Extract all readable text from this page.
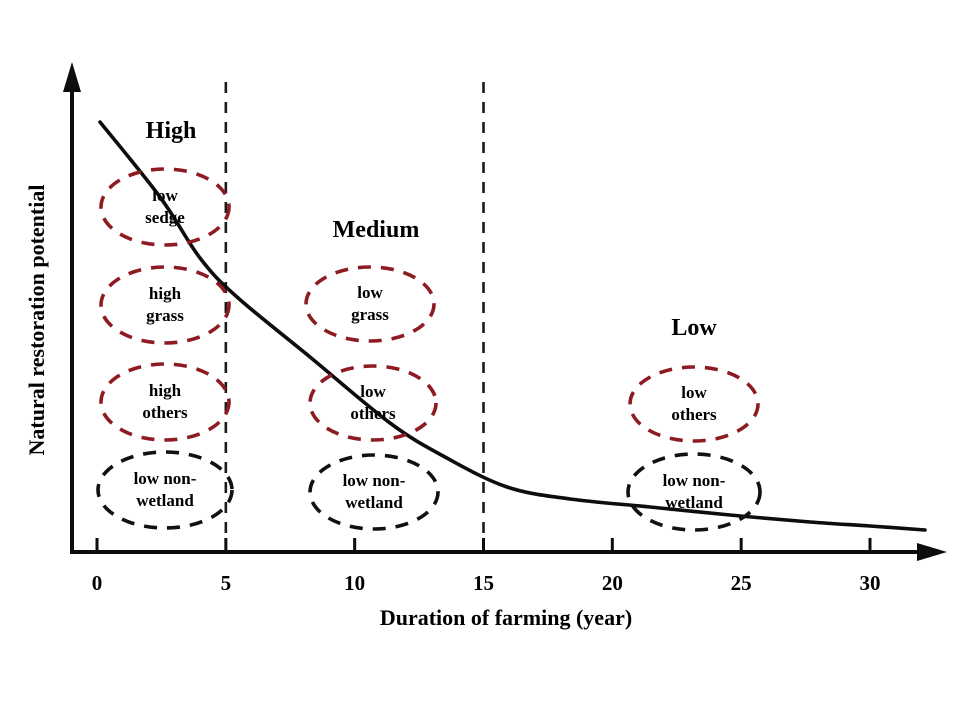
0	5	10	15	20	25	30
Duration of farming (year)
Natural restoration potential	low sedge
high grass
high others
low non-wetland
low grass
low others
low non-wetland
low others
low non-wetland
High
Medium
Low
